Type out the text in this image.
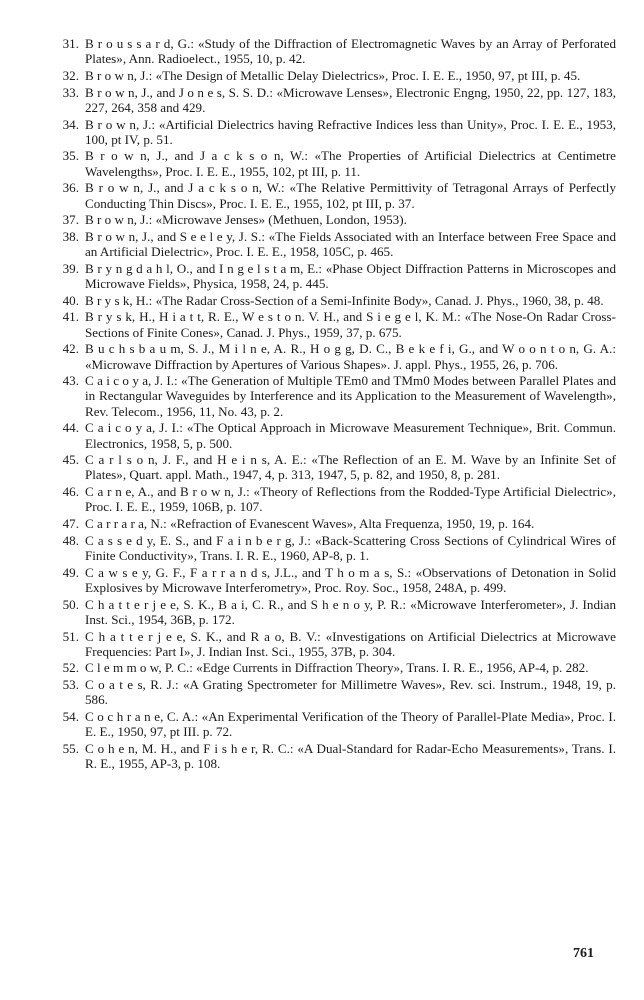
31. B r o u s s a r d, G.: «Study of the Diffraction of Electromagnetic Waves by an Array of Perforated Plates», Ann. Radioelect., 1955, 10, p. 42.
32. B r o w n, J.: «The Design of Metallic Delay Dielectrics», Proc. I. E. E., 1950, 97, pt III, p. 45.
33. B r o w n, J., and J o n e s, S. S. D.: «Microwave Lenses», Electronic Engng, 1950, 22, pp. 127, 183, 227, 264, 358 and 429.
34. B r o w n, J.: «Artificial Dielectrics having Refractive Indices less than Unity», Proc. I. E. E., 1953, 100, pt IV, p. 51.
35. B r o w n, J., and J a c k s o n, W.: «The Properties of Artificial Dielectrics at Centimetre Wavelengths», Proc. I. E. E., 1955, 102, pt III, p. 11.
36. B r o w n, J., and J a c k s o n, W.: «The Relative Permittivity of Tetragonal Arrays of Perfectly Conducting Thin Discs», Proc. I. E. E., 1955, 102, pt III, p. 37.
37. B r o w n, J.: «Microwave Jenses» (Methuen, London, 1953).
38. B r o w n, J., and S e e l e y, J. S.: «The Fields Associated with an Interface between Free Space and an Artificial Dielectric», Proc. I. E. E., 1958, 105C, p. 465.
39. B r y n g d a h l, O., and I n g e l s t a m, E.: «Phase Object Diffraction Patterns in Microscopes and Microwave Fields», Physica, 1958, 24, p. 445.
40. B r y s k, H.: «The Radar Cross-Section of a Semi-Infinite Body», Canad. J. Phys., 1960, 38, p. 48.
41. B r y s k, H., H i a t t, R. E., W e s t o n. V. H., and S i e g e l, K. M.: «The Nose-On Radar Cross-Sections of Finite Cones», Canad. J. Phys., 1959, 37, p. 675.
42. B u c h s b a u m, S. J., M i l n e, A. R., H o g g, D. C., B e k e f i, G., and W o o n t o n, G. A.: «Microwave Diffraction by Apertures of Various Shapes». J. appl. Phys., 1955, 26, p. 706.
43. C a i c o y a, J. I.: «The Generation of Multiple TEm0 and TMm0 Modes between Parallel Plates and in Rectangular Waveguides by Interference and its Application to the Measurement of Wavelength», Rev. Telecom., 1956, 11, No. 43, p. 2.
44. C a i c o y a, J. I.: «The Optical Approach in Microwave Measurement Technique», Brit. Commun. Electronics, 1958, 5, p. 500.
45. C a r l s o n, J. F., and H e i n s, A. E.: «The Reflection of an E. M. Wave by an Infinite Set of Plates», Quart. appl. Math., 1947, 4, p. 313, 1947, 5, p. 82, and 1950, 8, p. 281.
46. C a r n e, A., and B r o w n, J.: «Theory of Reflections from the Rodded-Type Artificial Dielectric», Proc. I. E. E., 1959, 106B, p. 107.
47. C a r r a r a, N.: «Refraction of Evanescent Waves», Alta Frequenza, 1950, 19, p. 164.
48. C a s s e d y, E. S., and F a i n b e r g, J.: «Back-Scattering Cross Sections of Cylindrical Wires of Finite Conductivity», Trans. I. R. E., 1960, AP-8, p. 1.
49. C a w s e y, G. F., F a r r a n d s, J.L., and T h o m a s, S.: «Observations of Detonation in Solid Explosives by Microwave Interferometry», Proc. Roy. Soc., 1958, 248A, p. 499.
50. C h a t t e r j e e, S. K., B a i, C. R., and S h e n o y, P. R.: «Microwave Interferometer», J. Indian Inst. Sci., 1954, 36B, p. 172.
51. C h a t t e r j e e, S. K., and R a o, B. V.: «Investigations on Artificial Dielectrics at Microwave Frequencies: Part I», J. Indian Inst. Sci., 1955, 37B, p. 304.
52. C l e m m o w, P. C.: «Edge Currents in Diffraction Theory», Trans. I. R. E., 1956, AP-4, p. 282.
53. C o a t e s, R. J.: «A Grating Spectrometer for Millimetre Waves», Rev. sci. Instrum., 1948, 19, p. 586.
54. C o c h r a n e, C. A.: «An Experimental Verification of the Theory of Parallel-Plate Media», Proc. I. E. E., 1950, 97, pt III. p. 72.
55. C o h e n, M. H., and F i s h e r, R. C.: «A Dual-Standard for Radar-Echo Measurements», Trans. I. R. E., 1955, AP-3, p. 108.
761
